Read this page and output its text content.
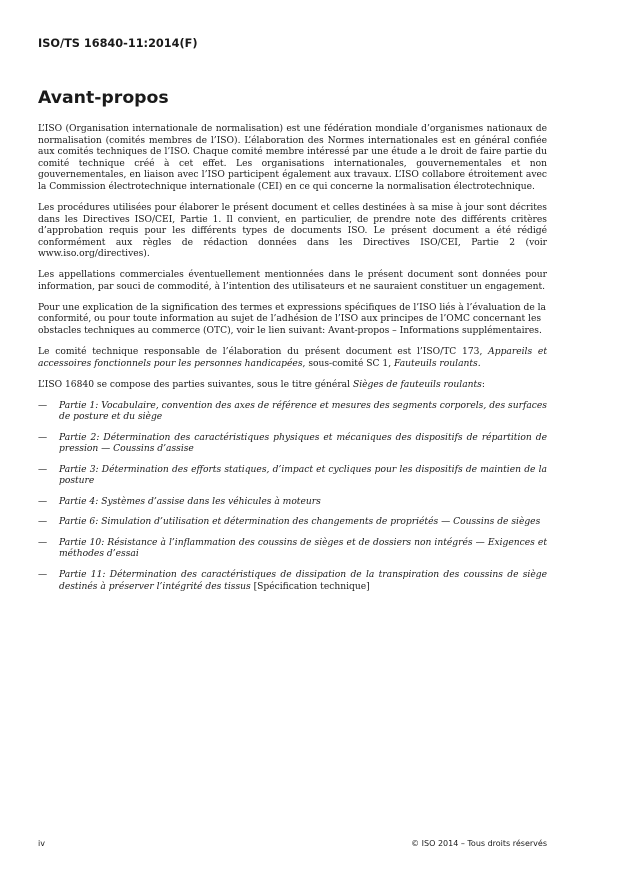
ISO/TS 16840-11:2014(F)
Avant-propos

L’ISO (Organisation internationale de normalisation) est une fédération mondiale d’organismes nationaux de normalisation (comités membres de l’ISO). L’élaboration des Normes internationales est en général confiée aux comités techniques de l’ISO. Chaque comité membre intéressé par une étude a le droit de faire partie du comité technique créé à cet effet. Les organisations internationales, gouvernementales et non gouvernementales, en liaison avec l’ISO participent également aux travaux. L’ISO collabore étroitement avec la Commission électrotechnique internationale (CEI) en ce qui concerne la normalisation électrotechnique.

Les procédures utilisées pour élaborer le présent document et celles destinées à sa mise à jour sont décrites dans les Directives ISO/CEI, Partie 1. Il convient, en particulier, de prendre note des différents critères d’approbation requis pour les différents types de documents ISO. Le présent document a été rédigé conformément aux règles de rédaction données dans les Directives ISO/CEI, Partie 2 (voir www.iso.org/directives).

Les appellations commerciales éventuellement mentionnées dans le présent document sont données pour information, par souci de commodité, à l’intention des utilisateurs et ne sauraient constituer un engagement.

Pour une explication de la signification des termes et expressions spécifiques de l’ISO liés à l’évaluation de la conformité, ou pour toute information au sujet de l’adhésion de l’ISO aux principes de l’OMC concernant les obstacles techniques au commerce (OTC), voir le lien suivant: Avant-propos – Informations supplémentaires.

Le comité technique responsable de l’élaboration du présent document est l’ISO/TC 173, Appareils et accessoires fonctionnels pour les personnes handicapées, sous-comité SC 1, Fauteuils roulants.

L’ISO 16840 se compose des parties suivantes, sous le titre général Sièges de fauteuils roulants:

— Partie 1: Vocabulaire, convention des axes de référence et mesures des segments corporels, des surfaces de posture et du siège
— Partie 2: Détermination des caractéristiques physiques et mécaniques des dispositifs de répartition de pression — Coussins d’assise
— Partie 3: Détermination des efforts statiques, d’impact et cycliques pour les dispositifs de maintien de la posture
— Partie 4: Systèmes d’assise dans les véhicules à moteurs
— Partie 6: Simulation d’utilisation et détermination des changements de propriétés — Coussins de sièges
— Partie 10: Résistance à l’inflammation des coussins de sièges et de dossiers non intégrés — Exigences et méthodes d’essai
— Partie 11: Détermination des caractéristiques de dissipation de la transpiration des coussins de siège destinés à préserver l’intégrité des tissus [Spécification technique]
iv	© ISO 2014 – Tous droits réservés
